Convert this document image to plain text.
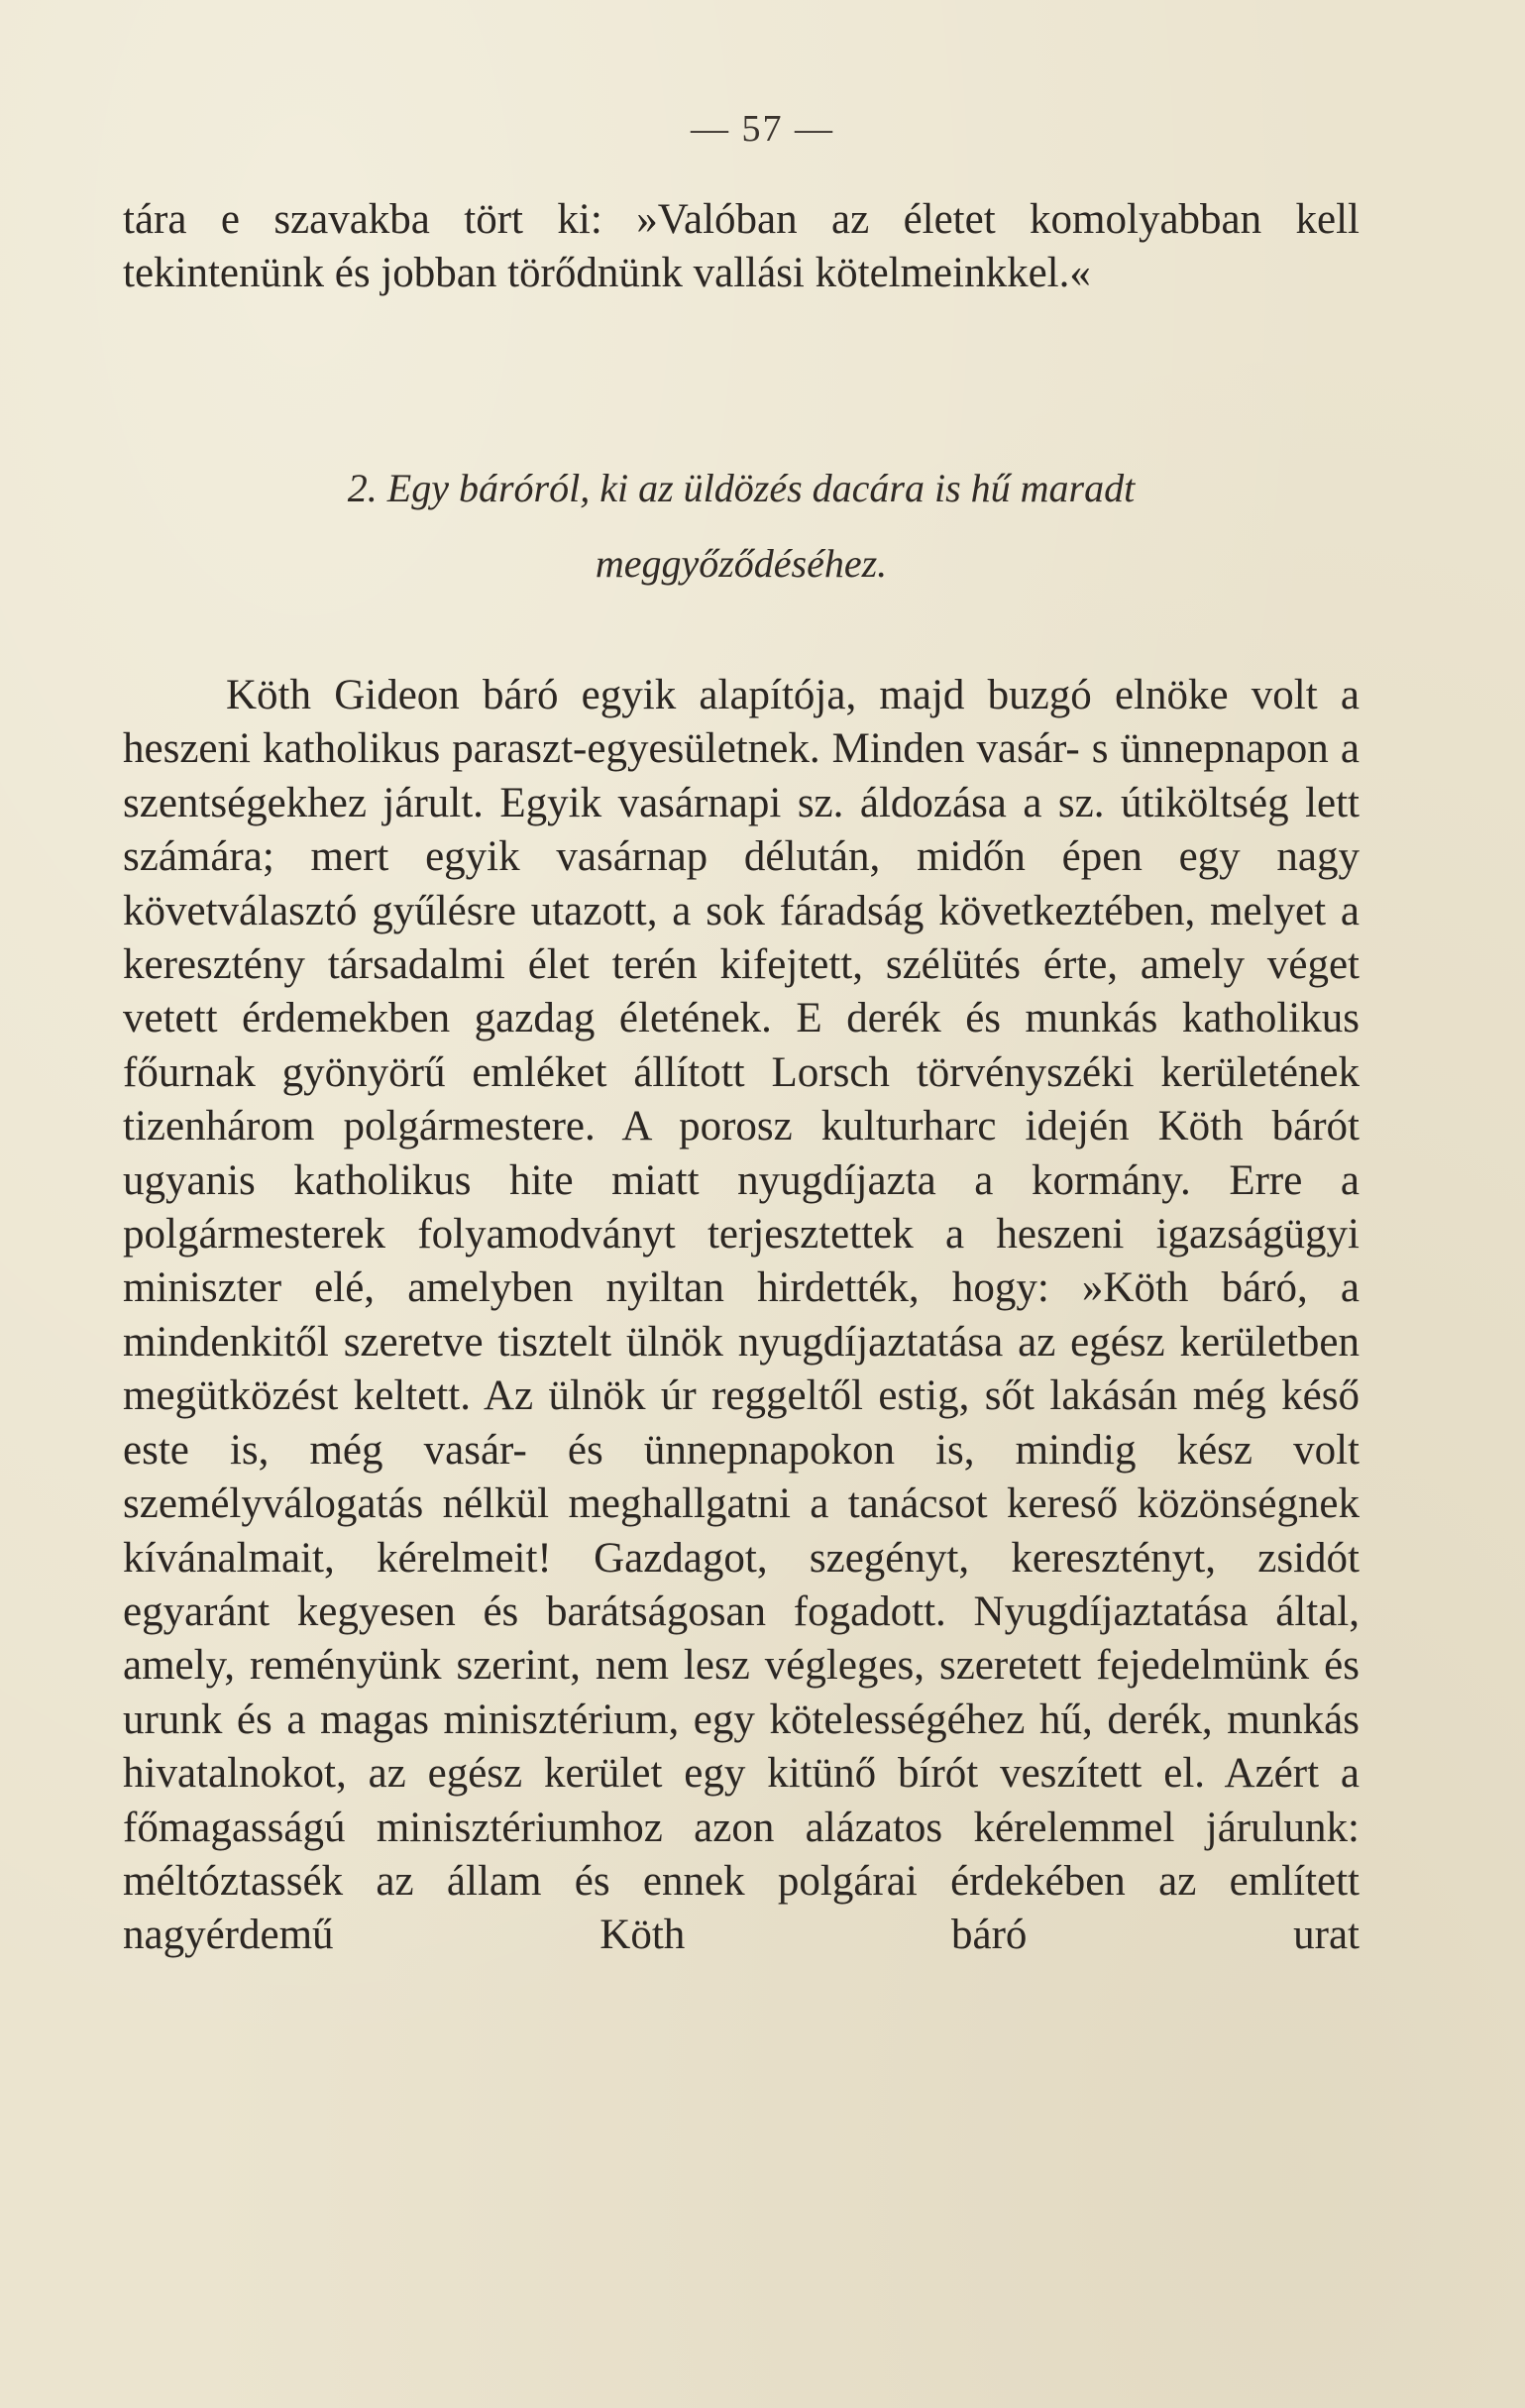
— 57 —
tára e szavakba tört ki: »Valóban az életet komolyabban kell tekintenünk és jobban törődnünk vallási kötelmeinkkel.«
2. Egy báróról, ki az üldözés dacára is hű maradt
meggyőződéséhez.
Köth Gideon báró egyik alapítója, majd buzgó elnöke volt a heszeni katholikus paraszt-egyesületnek. Minden vasár- s ünnepnapon a szentségekhez járult. Egyik vasárnapi sz. áldozása a sz. útiköltség lett számára; mert egyik vasárnap délután, midőn épen egy nagy követválasztó gyűlésre utazott, a sok fáradság következtében, melyet a keresztény társadalmi élet terén kifejtett, szélütés érte, amely véget vetett érdemekben gazdag életének. E derék és munkás katholikus főurnak gyönyörű emléket állított Lorsch törvényszéki kerületének tizenhárom polgármestere. A porosz kulturharc idején Köth bárót ugyanis katholikus hite miatt nyugdíjazta a kormány. Erre a polgármesterek folyamodványt terjesztettek a heszeni igazságügyi miniszter elé, amelyben nyiltan hirdették, hogy: »Köth báró, a mindenkitől szeretve tisztelt ülnök nyugdíjaztatása az egész kerületben megütközést keltett. Az ülnök úr reggeltől estig, sőt lakásán még késő este is, még vasár- és ünnepnapokon is, mindig kész volt személyválogatás nélkül meghallgatni a tanácsot kereső közönségnek kívánalmait, kérelmeit! Gazdagot, szegényt, keresztényt, zsidót egyaránt kegyesen és barátságosan fogadott. Nyugdíjaztatása által, amely, reményünk szerint, nem lesz végleges, szeretett fejedelmünk és urunk és a magas minisztérium, egy kötelességéhez hű, derék, munkás hivatalnokot, az egész kerület egy kitünő bírót veszített el. Azért a főmagasságú minisztériumhoz azon alázatos kérelemmel járulunk: méltóztassék az állam és ennek polgárai érdekében az említett nagyérdemű Köth báró urat
